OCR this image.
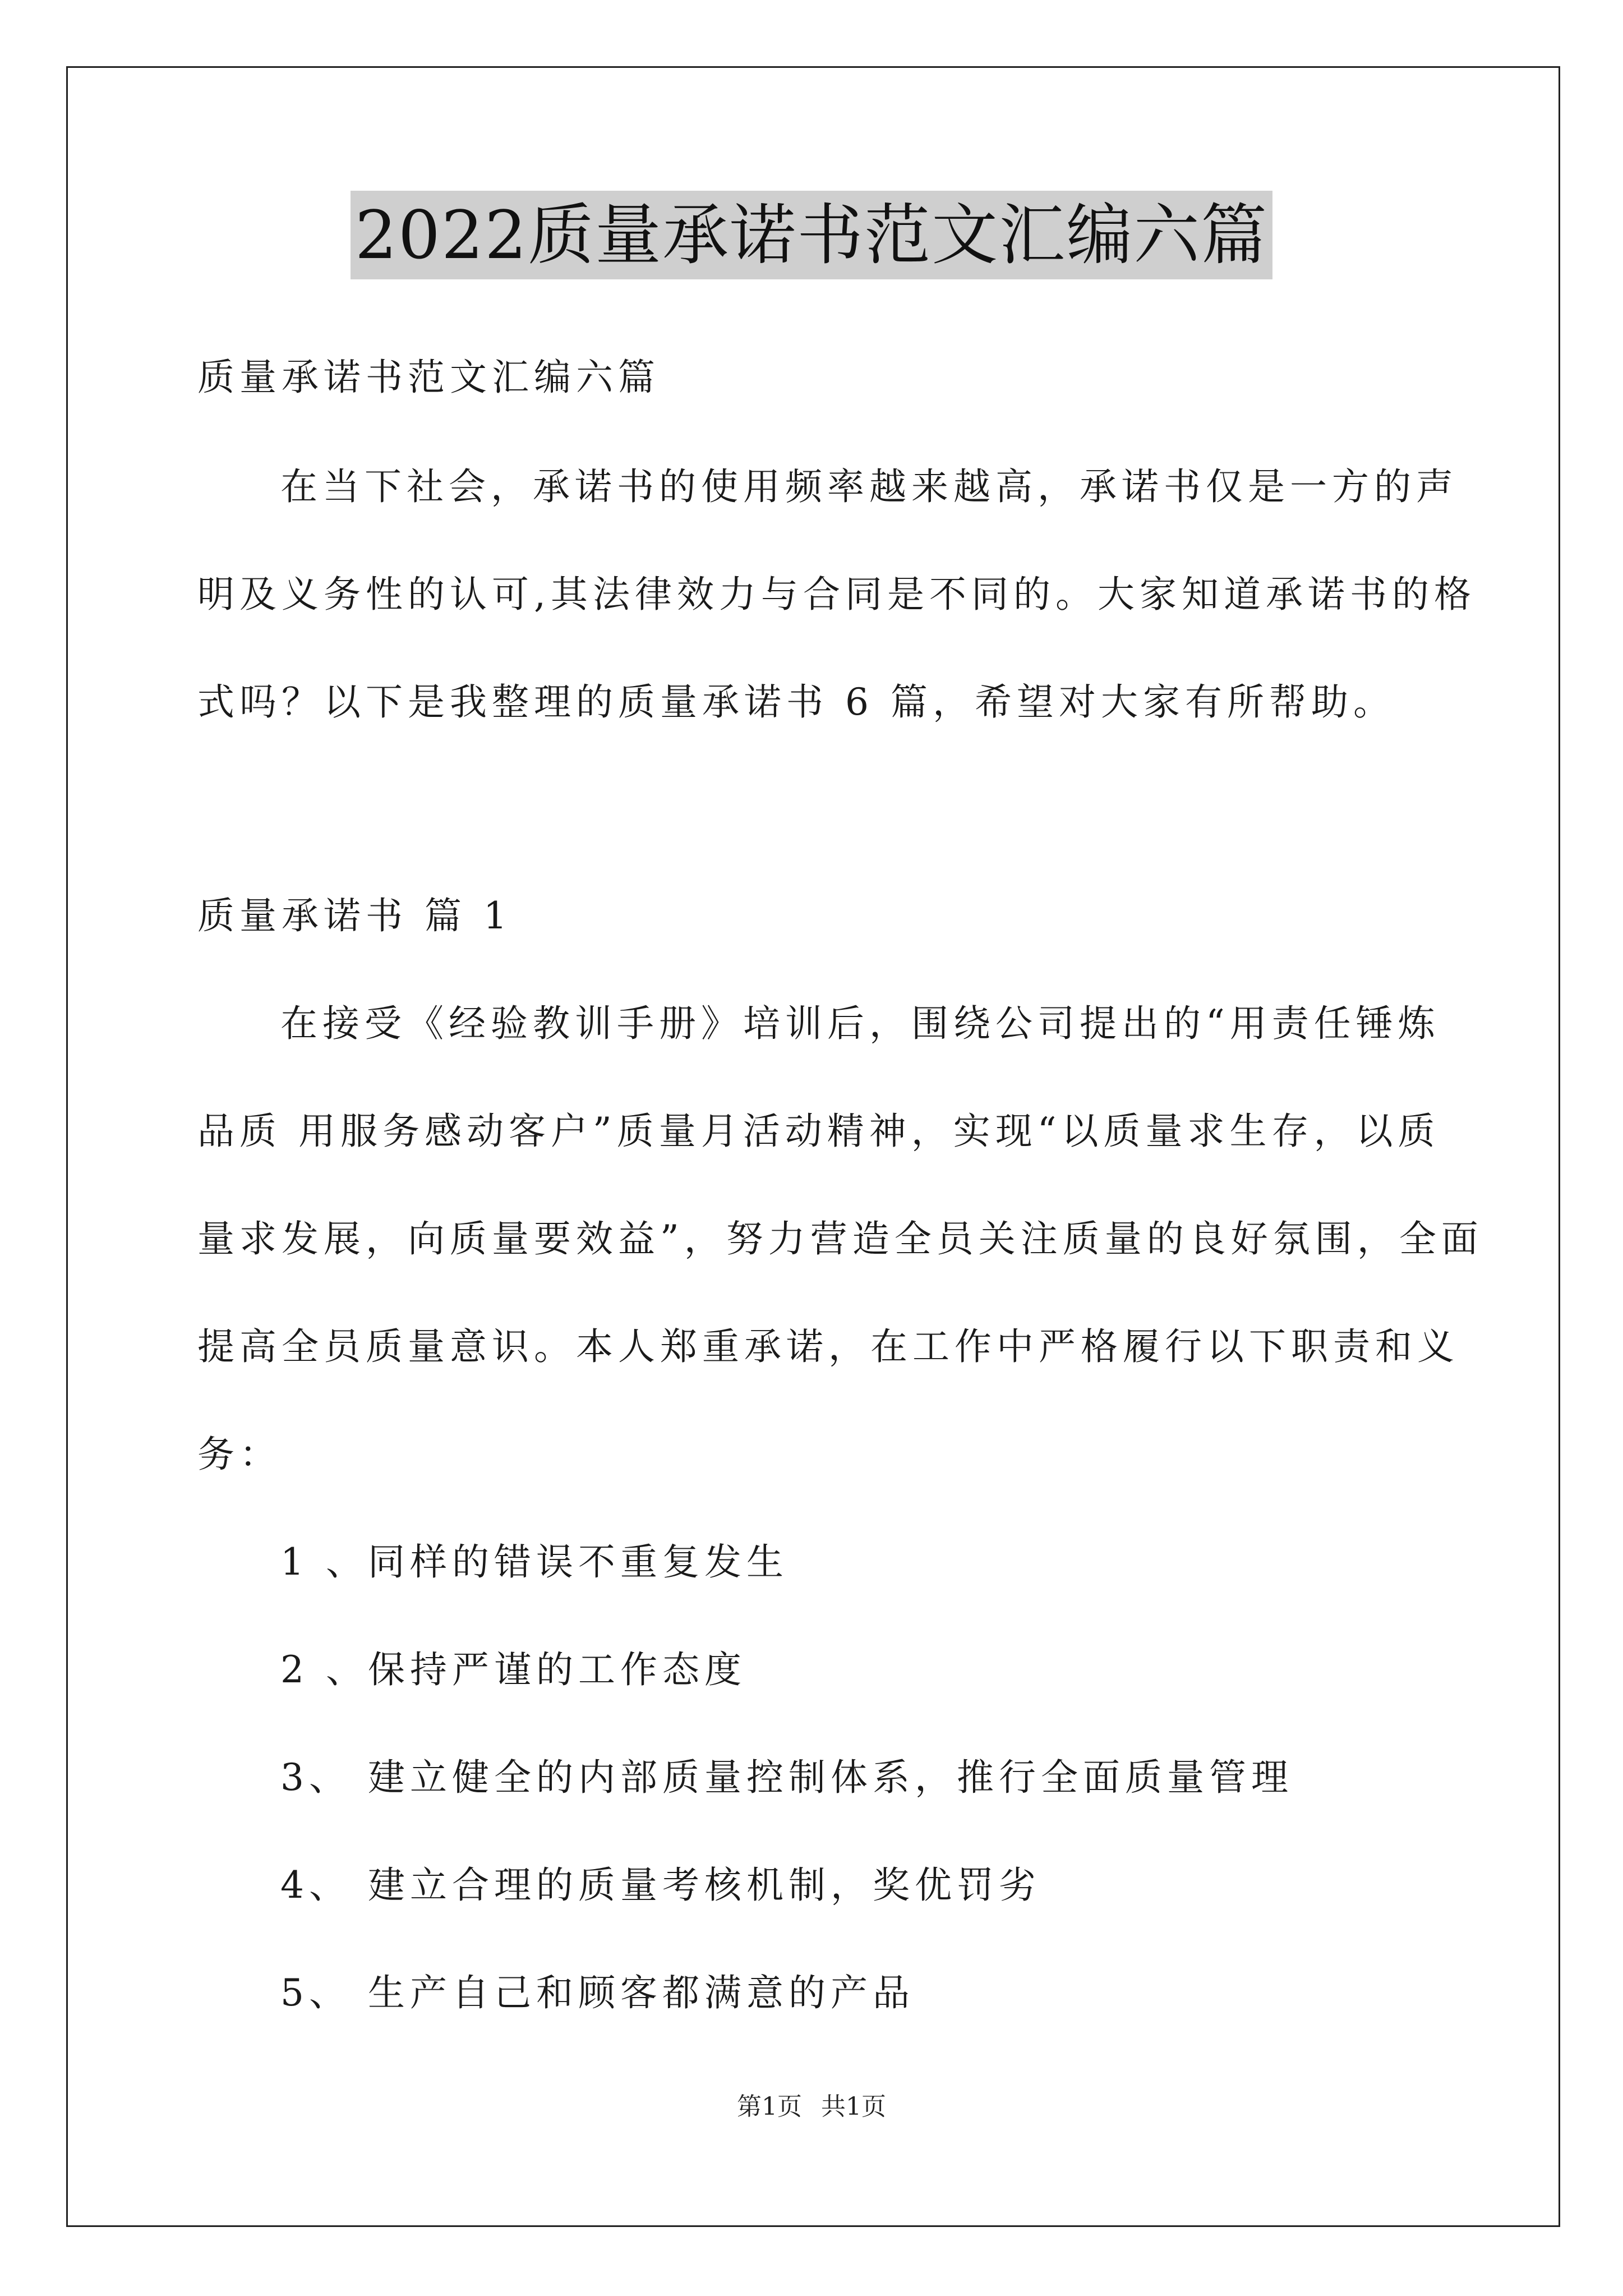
2022质量承诺书范文汇编六篇
质量承诺书范文汇编六篇
在当下社会，承诺书的使用频率越来越高，承诺书仅是一方的声
明及义务性的认可,其法律效力与合同是不同的。大家知道承诺书的格
式吗？以下是我整理的质量承诺书 6 篇，希望对大家有所帮助。
质量承诺书 篇 1
在接受《经验教训手册》培训后，围绕公司提出的“用责任锤炼
品质 用服务感动客户”质量月活动精神，实现“以质量求生存，以质
量求发展，向质量要效益”，努力营造全员关注质量的良好氛围，全面
提高全员质量意识。本人郑重承诺，在工作中严格履行以下职责和义
务：
1 、同样的错误不重复发生
2 、保持严谨的工作态度
3、 建立健全的内部质量控制体系，推行全面质量管理
4、 建立合理的质量考核机制，奖优罚劣
5、 生产自己和顾客都满意的产品
第1页 共1页
